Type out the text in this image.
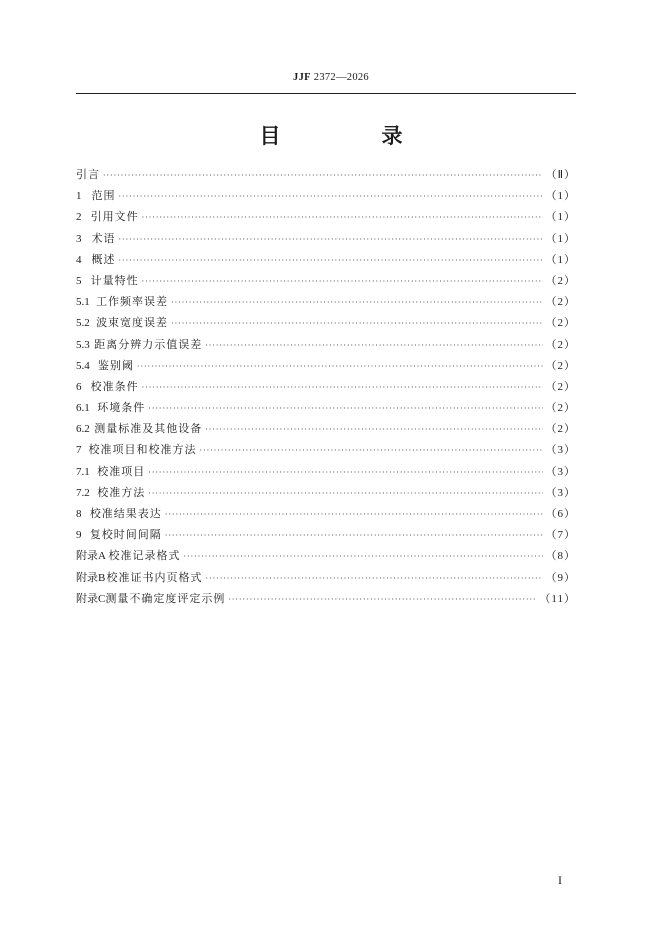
JJF 2372—2026
目　录
引言 ·····	（Ⅱ）
1 范围 ·····	（1）
2 引用文件 ·····	（1）
3 术语 ·····	（1）
4 概述 ·····	（1）
5 计量特性 ·····	（2）
5.1 工作频率误差 ·····	（2）
5.2 波束宽度误差 ·····	（2）
5.3 距离分辨力示值误差 ·····	（2）
5.4 鉴别阈 ·····	（2）
6 校准条件 ·····	（2）
6.1 环境条件 ·····	（2）
6.2 测量标准及其他设备 ·····	（2）
7 校准项目和校准方法 ·····	（3）
7.1 校准项目 ·····	（3）
7.2 校准方法 ·····	（3）
8 校准结果表达 ·····	（6）
9 复校时间间隔 ·····	（7）
附录A 校准记录格式 ·····	（8）
附录B 校准证书内页格式 ·····	（9）
附录C 测量不确定度评定示例 ·····	（11）
I
